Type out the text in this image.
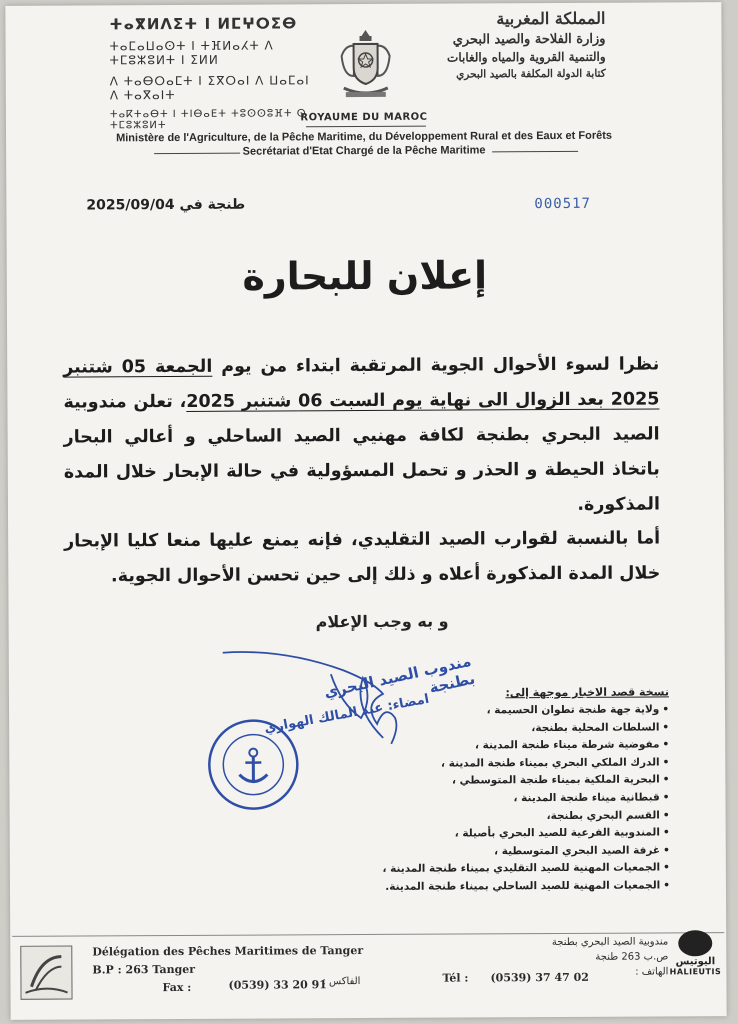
ⵜⴰⴳⵍⴷⵉⵜ ⵏ ⵍⵎⵖⵔⵉⴱ
ⵜⴰⵎⴰⵡⴰⵙⵜ ⵏ ⵜⴼⵍⴰⵃⵜ ⴷ ⵜⵎⵓⵣⵓⵍⵜ ⵏ ⵉⵍⵍ
ⴷ ⵜⴰⴱⵔⴰⵎⵜ ⵏ ⵉⴳⵔⴰⵏ ⴷ ⵡⴰⵎⴰⵏ ⴷ ⵜⴰⴳⴰⵏⵜ
ⵜⴰⴽⵜⴰⴱⵜ ⵏ ⵜⵏⴱⴰⴹⵜ ⵜⵓⵙⵙⵓⴼⵜ ⵙ ⵜⵎⵓⵣⵓⵍⵜ
المملكة المغربية
وزارة الفلاحة والصيد البحري
والتنمية القروية والمياه والغابات
كتابة الدولة المكلفة بالصيد البحري
ROYAUME DU MAROC
Ministère de l'Agriculture, de la Pêche Maritime, du Développement Rural et des Eaux et Forêts
Secrétariat d'Etat Chargé de la Pêche Maritime
طنجة في 2025/09/04	000517
إعلان للبحارة
نظرا لسوء الأحوال الجوية المرتقبة ابتداء من يوم الجمعة 05 شتنبر 2025 بعد الزوال الى نهاية يوم السبت 06 شتنبر 2025، تعلن مندوبية الصيد البحري بطنجة لكافة مهنيي الصيد الساحلي و أعالي البحار باتخاذ الحيطة و الحذر و تحمل المسؤولية في حالة الإبحار خلال المدة المذكورة.
أما بالنسبة لقوارب الصيد التقليدي، فإنه يمنع عليها منعا كليا الإبحار خلال المدة المذكورة أعلاه و ذلك إلى حين تحسن الأحوال الجوية.
و به وجب الإعلام
مندوب الصيد البحري بطنجة
امضاء: عبد المالك الهواري	نسخة قصد الاخبار موجهة إلى:
• ولاية جهة طنجة تطوان الحسيمة ،
• السلطات المحلية بطنجة،
• مفوضية شرطة ميناء طنجة المدينة ،
• الدرك الملكي البحري بميناء طنجة المدينة ،
• البحرية الملكية بميناء طنجة المتوسطي ،
• قبطانية ميناء طنجة المدينة ،
• القسم البحري بطنجة،
• المندوبية الفرعية للصيد البحري بأصيلة ،
• غرفة الصيد البحري المتوسطية ،
• الجمعيات المهنية للصيد التقليدي بميناء طنجة المدينة ،
• الجمعيات المهنية للصيد الساحلي بميناء طنجة المدينة.
Délégation des Pêches Maritimes de Tanger
B.P : 263 Tanger
Fax :	(0539) 33 20 91
الفاكس :	Tél : (0539) 37 47 02
مندوبية الصيد البحري بطنجة
ص.ب 263 طنجة
الهاتف :
اليوتيس
HALIEUTIS
